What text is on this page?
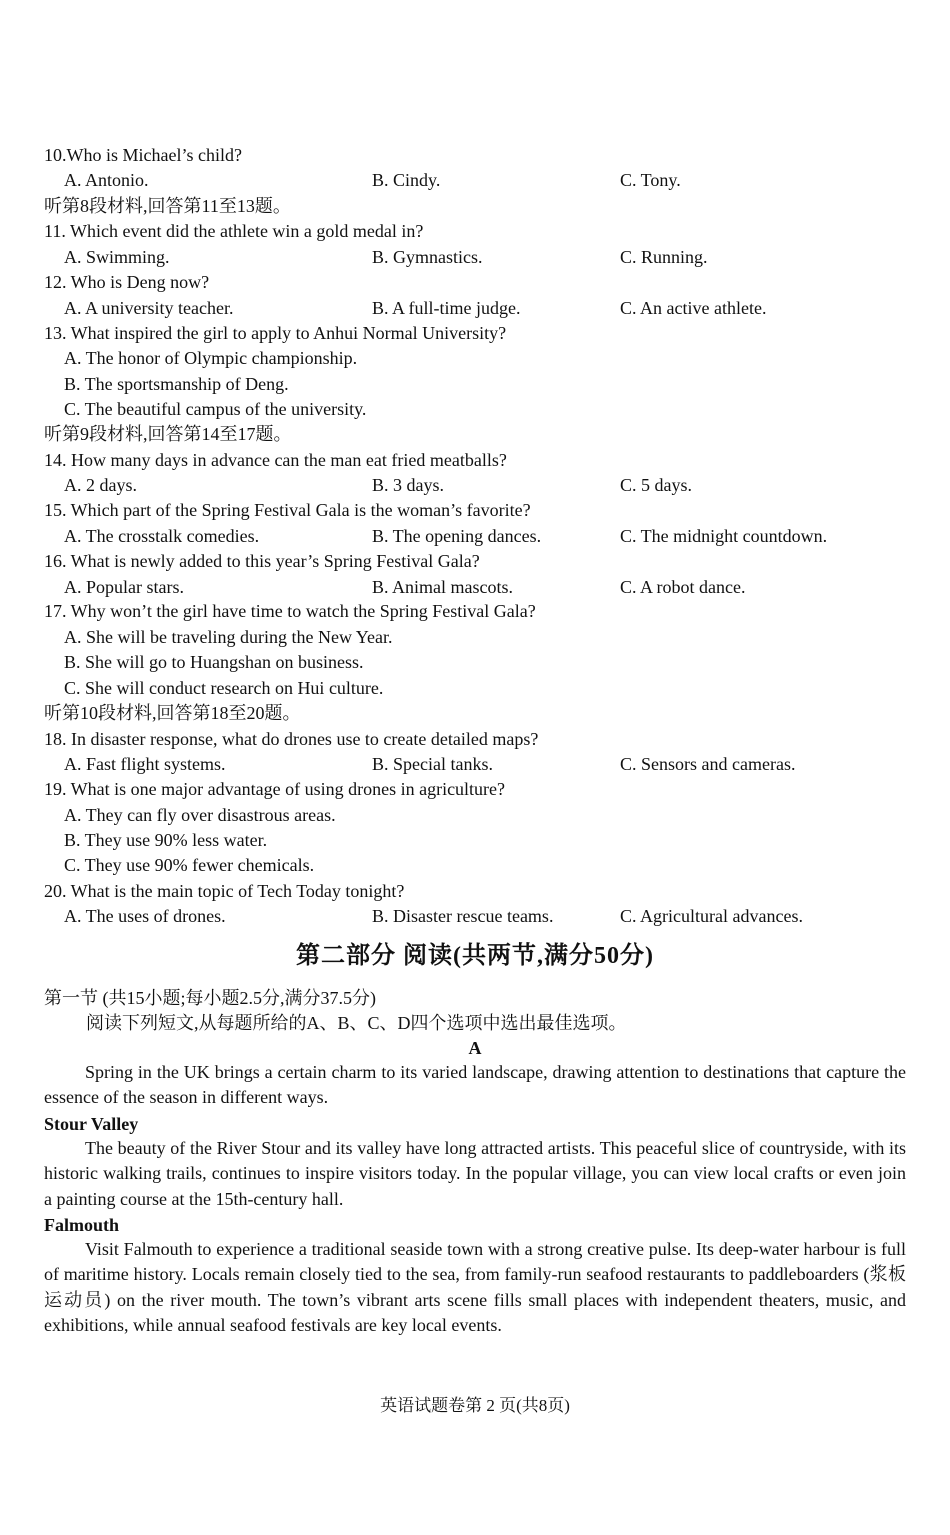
10.Who is Michael’s child?
A. Antonio.	B. Cindy.	C. Tony.
听第8段材料,回答第11至13题。
11. Which event did the athlete win a gold medal in?
A. Swimming.	B. Gymnastics.	C. Running.
12. Who is Deng now?
A. A university teacher.	B. A full-time judge.	C. An active athlete.
13. What inspired the girl to apply to Anhui Normal University?
A. The honor of Olympic championship.
B. The sportsmanship of Deng.
C. The beautiful campus of the university.
听第9段材料,回答第14至17题。
14. How many days in advance can the man eat fried meatballs?
A. 2 days.	B. 3 days.	C. 5 days.
15. Which part of the Spring Festival Gala is the woman’s favorite?
A. The crosstalk comedies.	B. The opening dances.	C. The midnight countdown.
16. What is newly added to this year’s Spring Festival Gala?
A. Popular stars.	B. Animal mascots.	C. A robot dance.
17. Why won’t the girl have time to watch the Spring Festival Gala?
A. She will be traveling during the New Year.
B. She will go to Huangshan on business.
C. She will conduct research on Hui culture.
听第10段材料,回答第18至20题。
18. In disaster response, what do drones use to create detailed maps?
A. Fast flight systems.	B. Special tanks.	C. Sensors and cameras.
19. What is one major advantage of using drones in agriculture?
A. They can fly over disastrous areas.
B. They use 90% less water.
C. They use 90% fewer chemicals.
20. What is the main topic of Tech Today tonight?
A. The uses of drones.	B. Disaster rescue teams.	C. Agricultural advances.
第二部分 阅读(共两节,满分50分)
第一节 (共15小题;每小题2.5分,满分37.5分)
阅读下列短文,从每题所给的A、B、C、D四个选项中选出最佳选项。
A

Spring in the UK brings a certain charm to its varied landscape, drawing attention to destinations that capture the essence of the season in different ways.

Stour Valley

The beauty of the River Stour and its valley have long attracted artists. This peaceful slice of countryside, with its historic walking trails, continues to inspire visitors today. In the popular village, you can view local crafts or even join a painting course at the 15th-century hall.

Falmouth

Visit Falmouth to experience a traditional seaside town with a strong creative pulse. Its deep-water harbour is full of maritime history. Locals remain closely tied to the sea, from family-run seafood restaurants to paddleboarders (浆板运动员) on the river mouth. The town’s vibrant arts scene fills small places with independent theaters, music, and exhibitions, while annual seafood festivals are key local events.

英语试题卷第 2 页(共8页)
